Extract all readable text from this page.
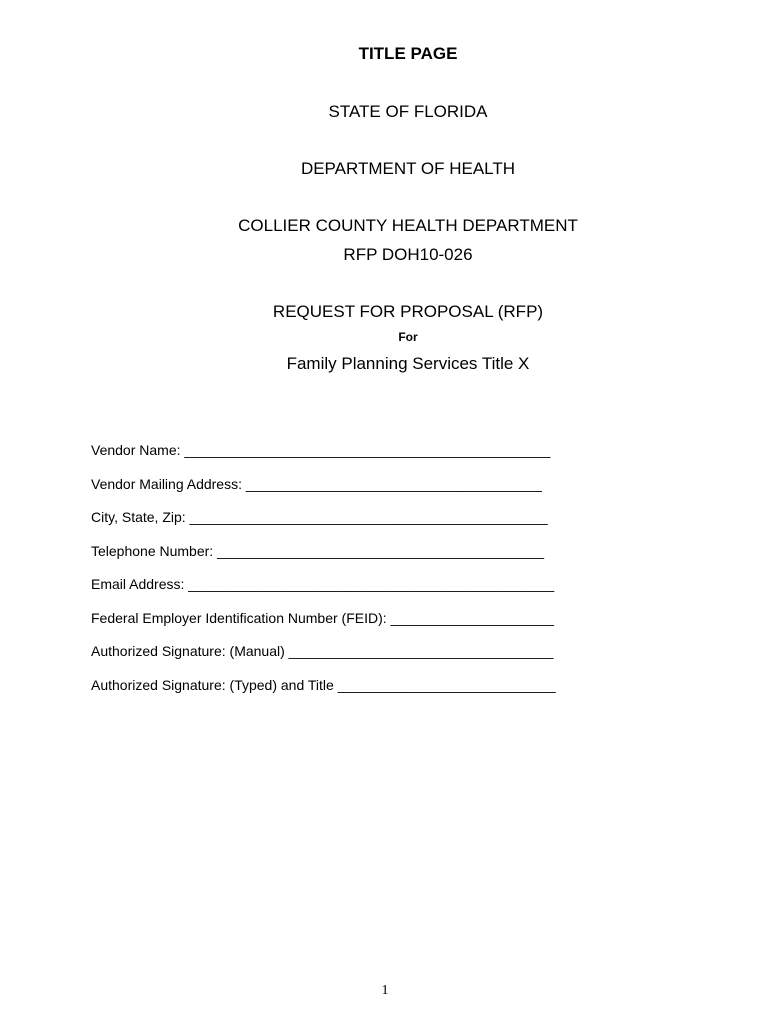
TITLE PAGE
STATE OF FLORIDA
DEPARTMENT OF HEALTH
COLLIER COUNTY HEALTH DEPARTMENT
RFP DOH10-026
REQUEST FOR PROPOSAL (RFP)
For
Family Planning Services Title X
Vendor Name: _______________________________________________
Vendor Mailing Address: ______________________________________
City, State, Zip: ______________________________________________
Telephone Number: __________________________________________
Email Address: _______________________________________________
Federal Employer Identification Number (FEID): _____________________
Authorized Signature: (Manual) __________________________________
Authorized Signature: (Typed) and Title ____________________________
1
